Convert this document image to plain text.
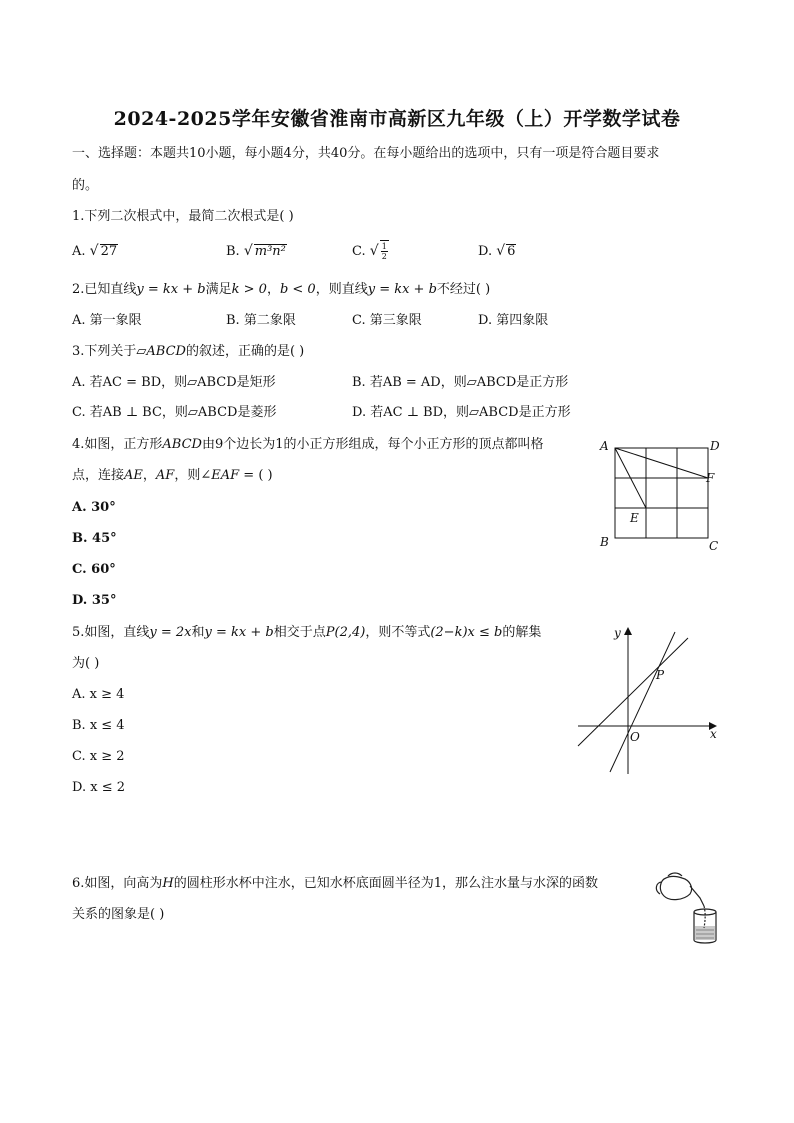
2024-2025学年安徽省淮南市高新区九年级（上）开学数学试卷
一、选择题：本题共10小题，每小题4分，共40分。在每小题给出的选项中，只有一项是符合题目要求
的。
1.下列二次根式中，最简二次根式是( )
A. √ 27	B. √ m³n²	C. √ $\frac{1}{2}$	D. √ 6
2.已知直线y = kx + b满足k > 0，b < 0，则直线y = kx + b不经过( )
A. 第一象限	B. 第二象限	C. 第三象限	D. 第四象限
3.下列关于▱ABCD的叙述，正确的是( )
A. 若AC = BD，则▱ABCD是矩形	B. 若AB = AD，则▱ABCD是正方形
C. 若AB ⊥ BC，则▱ABCD是菱形	D. 若AC ⊥ BD，则▱ABCD是正方形
4.如图，正方形ABCD由9个边长为1的小正方形组成，每个小正方形的顶点都叫格
点，连接AE，AF，则∠EAF = ( )
A. 30°
B. 45°
C. 60°
D. 35°
A	D
F
E
B	C
5.如图，直线y = 2x和y = kx + b相交于点P(2,4)，则不等式(2−k)x ≤ b的解集
为( )
A. x ≥ 4
B. x ≤ 4
C. x ≥ 2
D. x ≤ 2
y
x
O
P
6.如图，向高为H的圆柱形水杯中注水，已知水杯底面圆半径为1，那么注水量与水深的函数
关系的图象是( )
